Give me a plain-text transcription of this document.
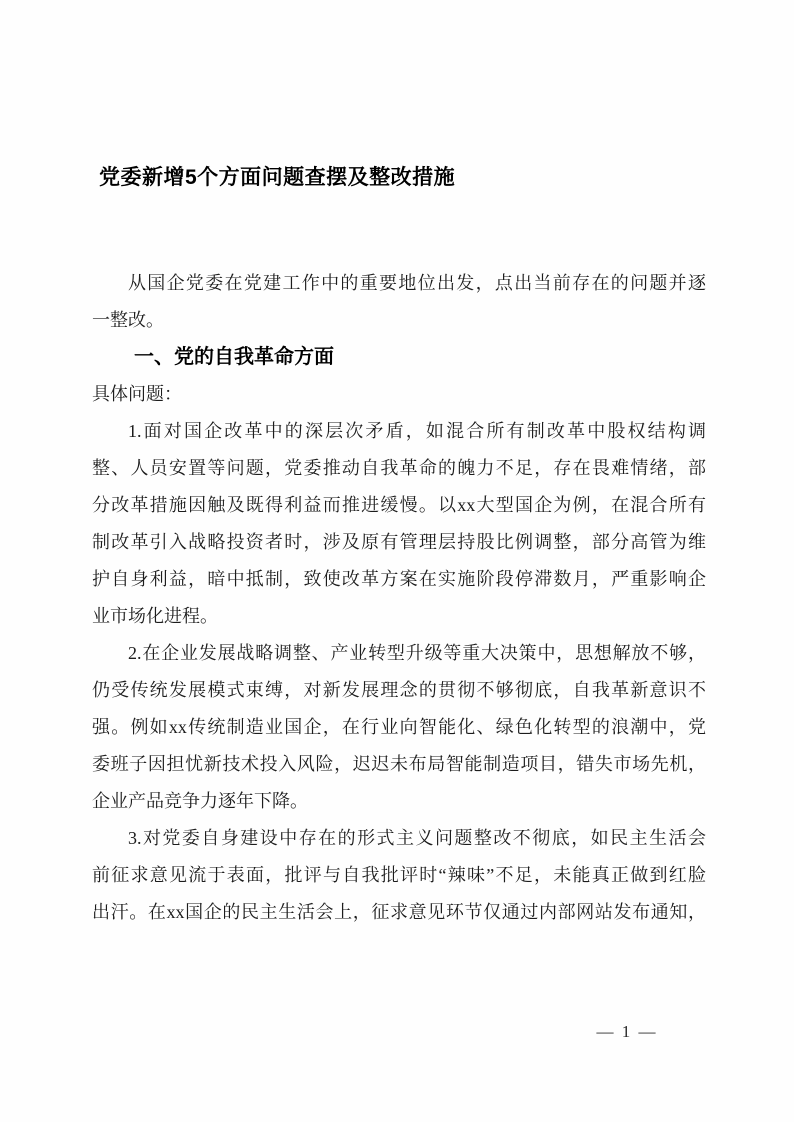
党委新增5个方面问题查摆及整改措施
从国企党委在党建工作中的重要地位出发，点出当前存在的问题并逐
一整改。
一、党的自我革命方面
具体问题：
1.面对国企改革中的深层次矛盾，如混合所有制改革中股权结构调
整、人员安置等问题，党委推动自我革命的魄力不足，存在畏难情绪，部
分改革措施因触及既得利益而推进缓慢。以xx大型国企为例，在混合所有
制改革引入战略投资者时，涉及原有管理层持股比例调整，部分高管为维
护自身利益，暗中抵制，致使改革方案在实施阶段停滞数月，严重影响企
业市场化进程。
2.在企业发展战略调整、产业转型升级等重大决策中，思想解放不够，
仍受传统发展模式束缚，对新发展理念的贯彻不够彻底，自我革新意识不
强。例如xx传统制造业国企，在行业向智能化、绿色化转型的浪潮中，党
委班子因担忧新技术投入风险，迟迟未布局智能制造项目，错失市场先机，
企业产品竞争力逐年下降。
3.对党委自身建设中存在的形式主义问题整改不彻底，如民主生活会
前征求意见流于表面，批评与自我批评时“辣味”不足，未能真正做到红脸
出汗。在xx国企的民主生活会上，征求意见环节仅通过内部网站发布通知，
— 1 —
